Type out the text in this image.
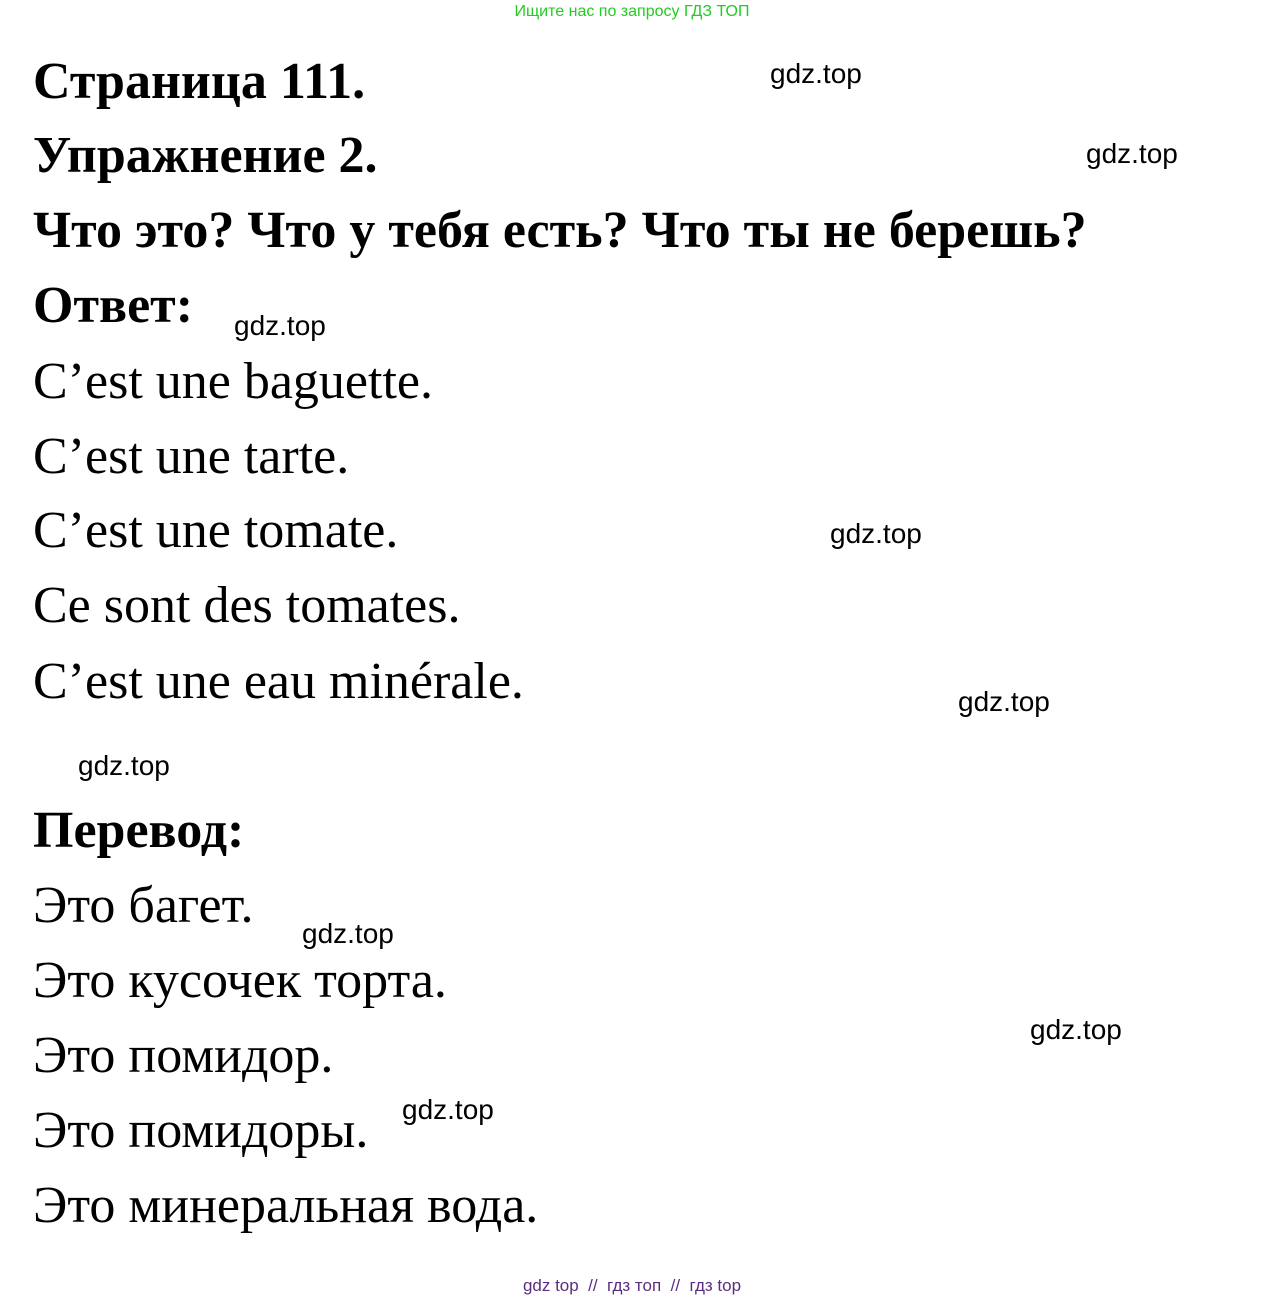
Ищите нас по запросу ГДЗ ТОП
Страница 111.
Упражнение 2.
Что это? Что у тебя есть? Что ты не берешь?
Ответ:
C’est une baguette.
C’est une tarte.
C’est une tomate.
Ce sont des tomates.
C’est une eau minérale.
Перевод:
Это багет.
Это кусочек торта.
Это помидор.
Это помидоры.
Это минеральная вода.
gdz.top
gdz.top
gdz.top
gdz.top
gdz.top
gdz.top
gdz.top
gdz.top
gdz.top
gdz top  //  гдз топ  //  гдз top
